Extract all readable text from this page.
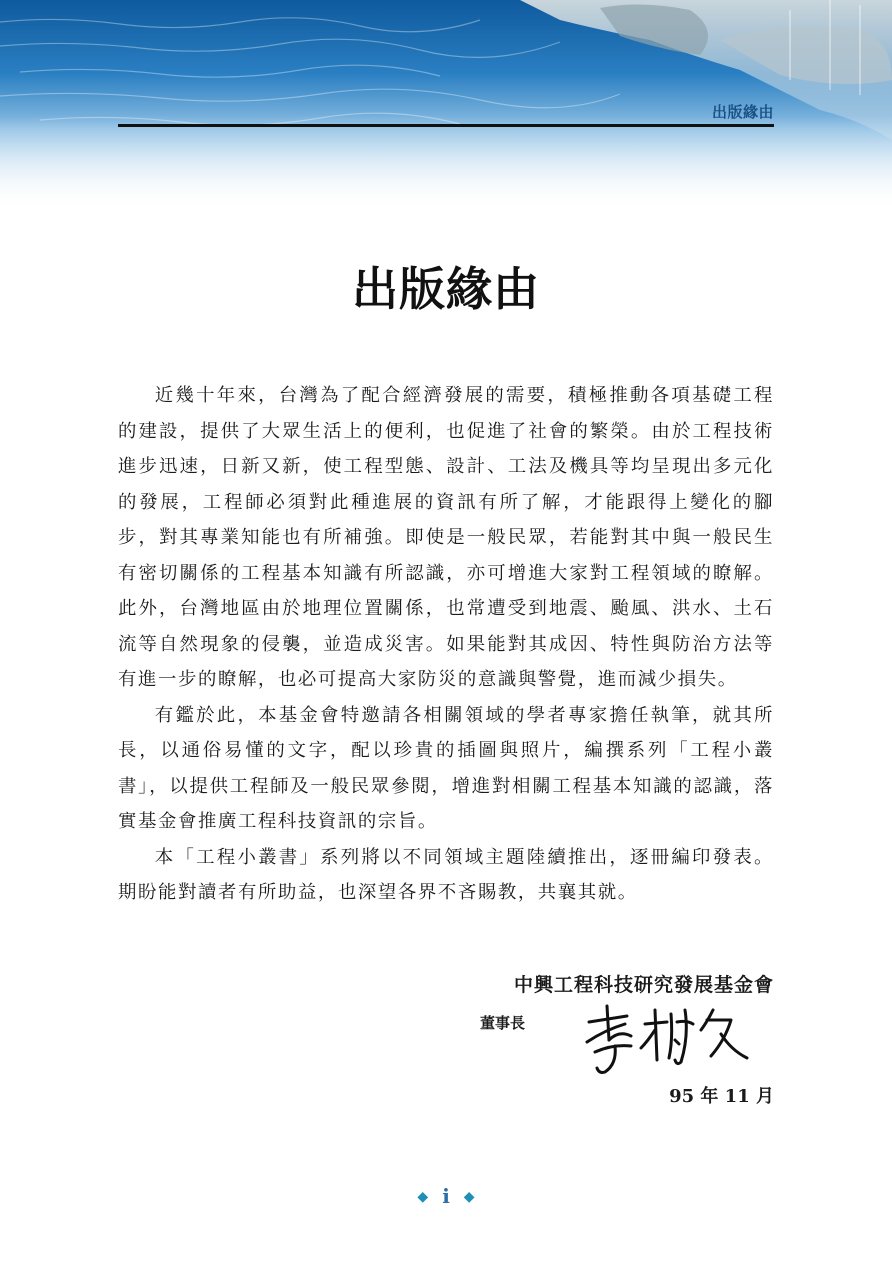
出版緣由
出版緣由

近幾十年來，台灣為了配合經濟發展的需要，積極推動各項基礎工程的建設，提供了大眾生活上的便利，也促進了社會的繁榮。由於工程技術進步迅速，日新又新，使工程型態、設計、工法及機具等均呈現出多元化的發展，工程師必須對此種進展的資訊有所了解，才能跟得上變化的腳步，對其專業知能也有所補強。即使是一般民眾，若能對其中與一般民生有密切關係的工程基本知識有所認識，亦可增進大家對工程領域的瞭解。此外，台灣地區由於地理位置關係，也常遭受到地震、颱風、洪水、土石流等自然現象的侵襲，並造成災害。如果能對其成因、特性與防治方法等有進一步的瞭解，也必可提高大家防災的意識與警覺，進而減少損失。

有鑑於此，本基金會特邀請各相關領域的學者專家擔任執筆，就其所長，以通俗易懂的文字，配以珍貴的插圖與照片，編撰系列「工程小叢書」，以提供工程師及一般民眾參閱，增進對相關工程基本知識的認識，落實基金會推廣工程科技資訊的宗旨。

本「工程小叢書」系列將以不同領域主題陸續推出，逐冊編印發表。期盼能對讀者有所助益，也深望各界不吝賜教，共襄其就。

中興工程科技研究發展基金會
董事長
95 年 11 月
◆ i ◆
